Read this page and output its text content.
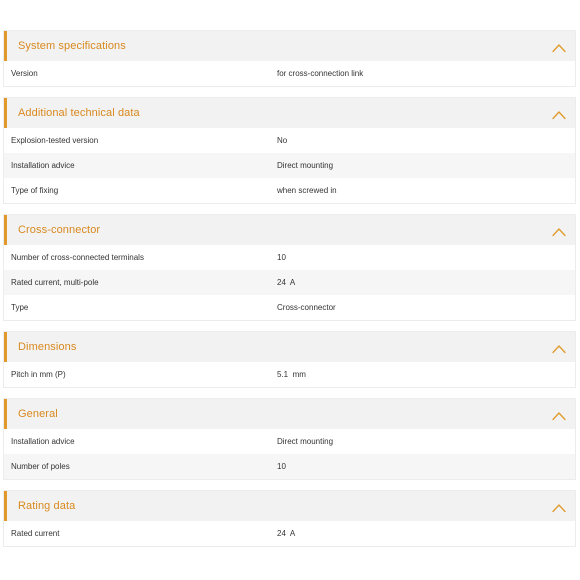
System specifications
Version	for cross-connection link
Additional technical data
Explosion-tested version	No
Installation advice	Direct mounting
Type of fixing	when screwed in
Cross-connector
Number of cross-connected terminals	10
Rated current, multi-pole	24  A
Type	Cross-connector
Dimensions
Pitch in mm (P)	5.1  mm
General
Installation advice	Direct mounting
Number of poles	10
Rating data
Rated current	24  A
